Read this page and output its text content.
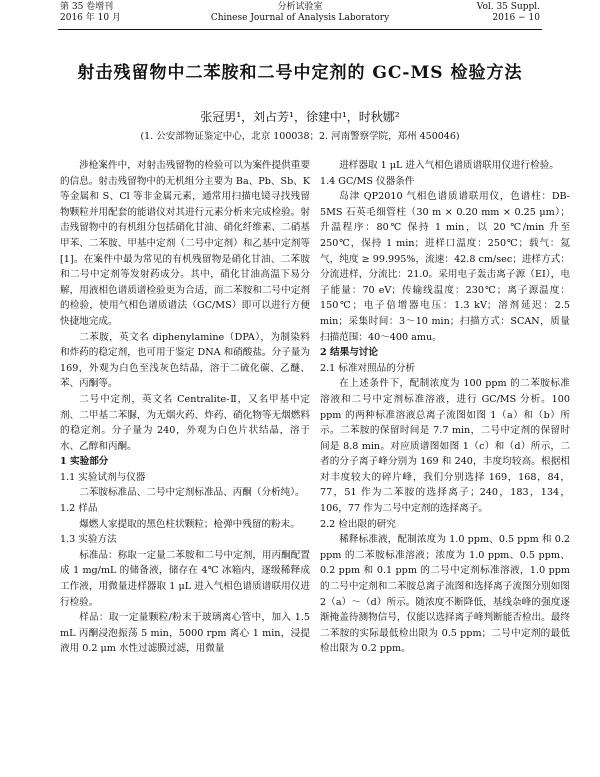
第 35 卷增刊
2016 年 10 月
分析试验室
Chinese Journal of Analysis Laboratory
Vol. 35 Suppl.
2016 − 10
射击残留物中二苯胺和二号中定剂的 GC-MS 检验方法
张冠男¹，刘占芳¹，徐建中¹，时秋娜²
(1. 公安部物证鉴定中心，北京 100038；2. 河南警察学院，郑州 450046)

涉枪案件中，对射击残留物的检验可以为案件提供重要的信息。射击残留物中的无机组分主要为 Ba、Pb、Sb、K 等金属和 S、Cl 等非金属元素，通常用扫描电镜寻找残留物颗粒并用配套的能谱仪对其进行元素分析来完成检验。射击残留物中的有机组分包括硝化甘油、硝化纤维素、二硝基甲苯、二苯胺、甲基中定剂（二号中定剂）和乙基中定剂等[1]。在案件中最为常见的有机残留物是硝化甘油、二苯胺和二号中定剂等发射药成分。其中，硝化甘油高温下易分解，用液相色谱质谱检验更为合适，而二苯胺和二号中定剂的检验，使用气相色谱质谱法（GC/MS）即可以进行方便快捷地完成。

二苯胺，英文名 diphenylamine（DPA），为制染料和炸药的稳定剂，也可用于鉴定 DNA 和硝酸盐。分子量为 169，外观为白色至浅灰色结晶，溶于二硫化碳、乙醚、苯、丙酮等。

二号中定剂，英文名 Centralite-Ⅱ，又名甲基中定剂、二甲基二苯脲，为无烟火药、炸药、硝化物等无烟燃料的稳定剂。分子量为 240，外观为白色片状结晶，溶于水、乙醇和丙酮。

1 实验部分
1.1 实验试剂与仪器

二苯胺标准品、二号中定剂标准品、丙酮（分析纯）。

1.2 样品

爆燃人家提取的黑色柱状颗粒；枪弹中残留的粉末。

1.3 实验方法

标准品：称取一定量二苯胺和二号中定剂，用丙酮配置成 1 mg/mL 的储备液，储存在 4℃ 冰箱内，逐级稀释成工作液，用微量进样器取 1 μL 进入气相色谱质谱联用仪进行检验。

样品：取一定量颗粒/粉末于玻璃离心管中，加入 1.5 mL 丙酮浸泡振荡 5 min，5000 rpm 离心 1 min，浸提液用 0.2 μm 水性过滤膜过滤，用微量

进样器取 1 μL 进入气相色谱质谱联用仪进行检验。

1.4 GC/MS 仪器条件

岛津 QP2010 气相色谱质谱联用仪，色谱柱：DB-5MS 石英毛细管柱（30 m × 0.20 mm × 0.25 μm）；升温程序：80℃ 保持 1 min，以 20 ℃/min 升至 250℃，保持 1 min；进样口温度：250℃；载气：氦气，纯度 ≥ 99.995%，流速：42.8 cm/sec；进样方式：分流进样，分流比：21.0。采用电子轰击离子源（EI），电子能量：70 eV；传输线温度：230℃；离子源温度：150℃；电子倍增器电压：1.3 kV；溶剂延迟：2.5 min；采集时间：3～10 min；扫描方式：SCAN，质量扫描范围：40～400 amu。

2 结果与讨论
2.1 标准对照品的分析

在上述条件下，配制浓度为 100 ppm 的二苯胺标准溶液和二号中定剂标准溶液，进行 GC/MS 分析。100 ppm 的两种标准溶液总离子流图如图 1（a）和（b）所示。二苯胺的保留时间是 7.7 min，二号中定剂的保留时间是 8.8 min。对应质谱图如图 1（c）和（d）所示，二者的分子离子峰分别为 169 和 240，丰度均较高。根据相对丰度较大的碎片峰，我们分别选择 169，168，84，77，51 作为二苯胺的选择离子；240，183，134，106，77 作为二号中定剂的选择离子。

2.2 检出限的研究

稀释标准液，配制浓度为 1.0 ppm、0.5 ppm 和 0.2 ppm 的二苯胺标准溶液；浓度为 1.0 ppm、0.5 ppm、0.2 ppm 和 0.1 ppm 的二号中定剂标准溶液，1.0 ppm 的二号中定剂和二苯胺总离子流图和选择离子流图分别如图 2（a）～（d）所示。随浓度不断降低，基线杂峰的强度逐渐掩盖待测物信号，仅能以选择离子峰判断能否检出。最终二苯胺的实际最低检出限为 0.5 ppm；二号中定剂的最低检出限为 0.2 ppm。
